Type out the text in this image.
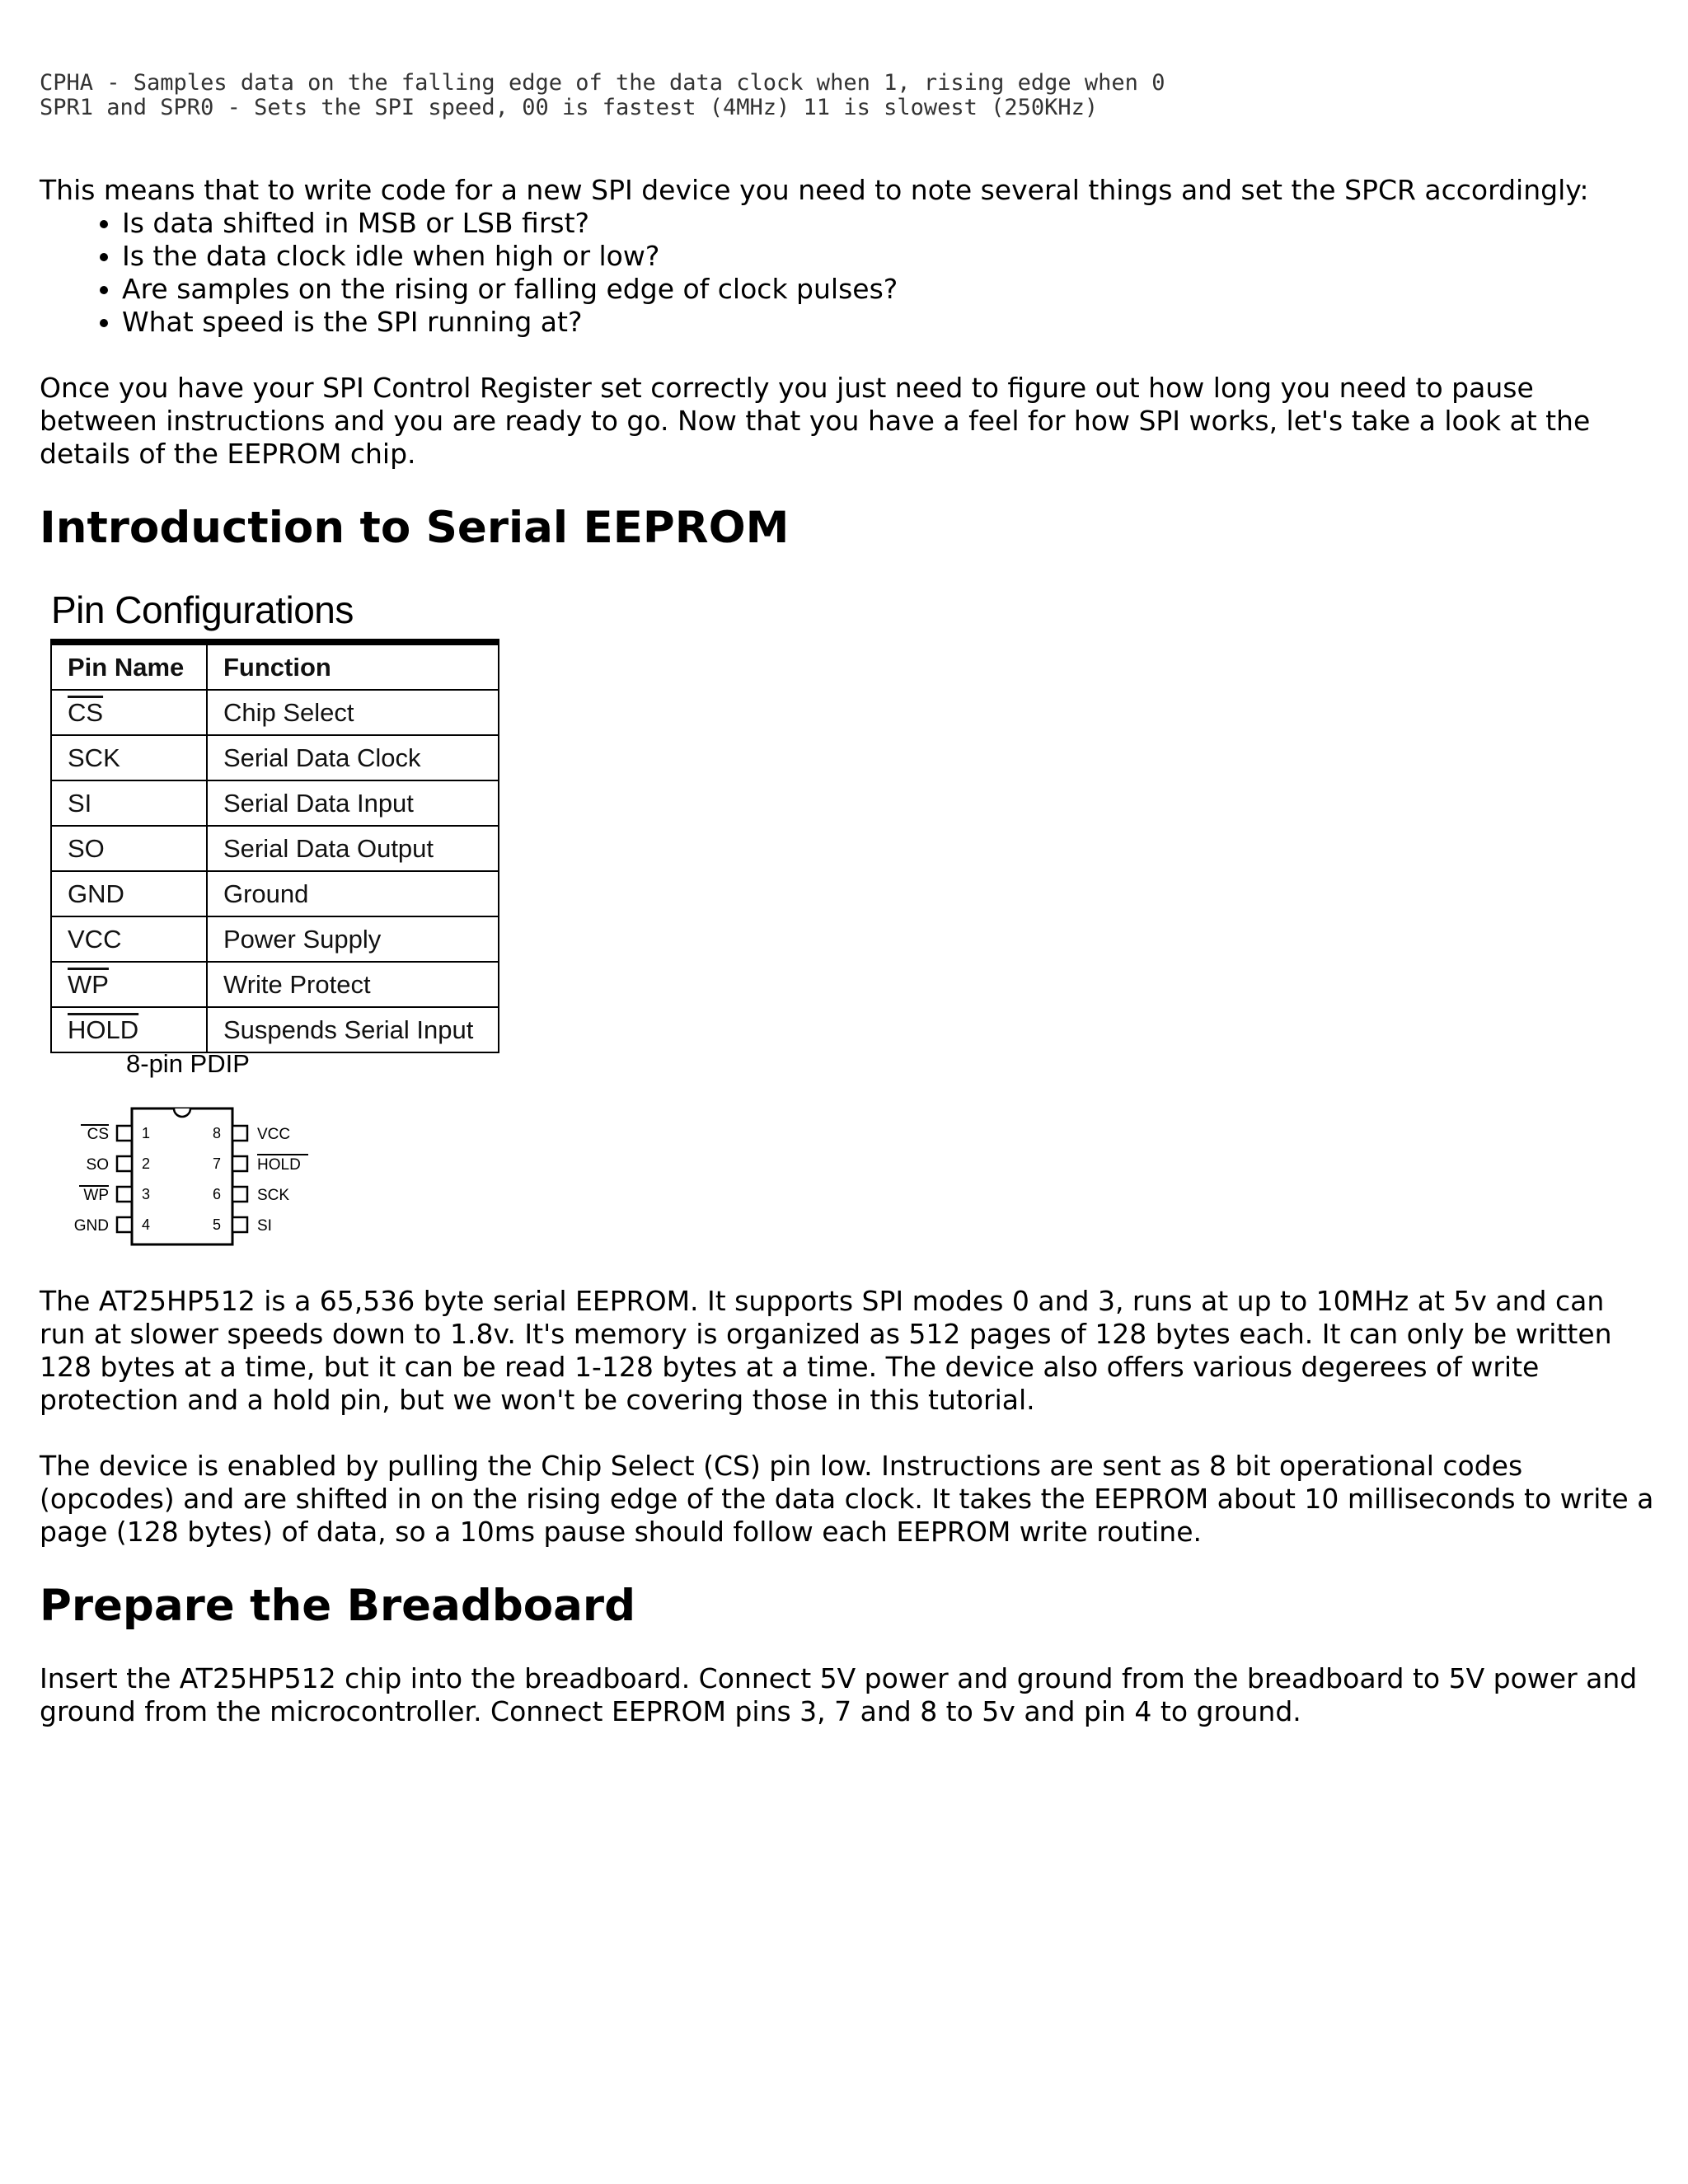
CPHA - Samples data on the falling edge of the data clock when 1, rising edge when 0
SPR1 and SPR0 - Sets the SPI speed, 00 is fastest (4MHz) 11 is slowest (250KHz)

This means that to write code for a new SPI device you need to note several things and set the SPCR accordingly:

• Is data shifted in MSB or LSB first?
• Is the data clock idle when high or low?
• Are samples on the rising or falling edge of clock pulses?
• What speed is the SPI running at?

Once you have your SPI Control Register set correctly you just need to figure out how long you need to pause between instructions and you are ready to go. Now that you have a feel for how SPI works, let's take a look at the details of the EEPROM chip.

Introduction to Serial EEPROM
Pin Configurations
Pin Name	Function
$\overline{CS}$	Chip Select
SCK	Serial Data Clock
SI	Serial Data Input
SO	Serial Data Output
GND	Ground
VCC	Power Supply
$\overline{WP}$	Write Protect
HOLD	Suspends Serial Input
8-pin PDIP
1
2
3
4
8
7
6
5
CS
SO
WP
GND
VCC
HOLD
SCK
SI

The AT25HP512 is a 65,536 byte serial EEPROM. It supports SPI modes 0 and 3, runs at up to 10MHz at 5v and can run at slower speeds down to 1.8v. It's memory is organized as 512 pages of 128 bytes each. It can only be written 128 bytes at a time, but it can be read 1-128 bytes at a time. The device also offers various degerees of write protection and a hold pin, but we won't be covering those in this tutorial.

The device is enabled by pulling the Chip Select (CS) pin low. Instructions are sent as 8 bit operational codes (opcodes) and are shifted in on the rising edge of the data clock. It takes the EEPROM about 10 milliseconds to write a page (128 bytes) of data, so a 10ms pause should follow each EEPROM write routine.

Prepare the Breadboard

Insert the AT25HP512 chip into the breadboard. Connect 5V power and ground from the breadboard to 5V power and ground from the microcontroller. Connect EEPROM pins 3, 7 and 8 to 5v and pin 4 to ground.
